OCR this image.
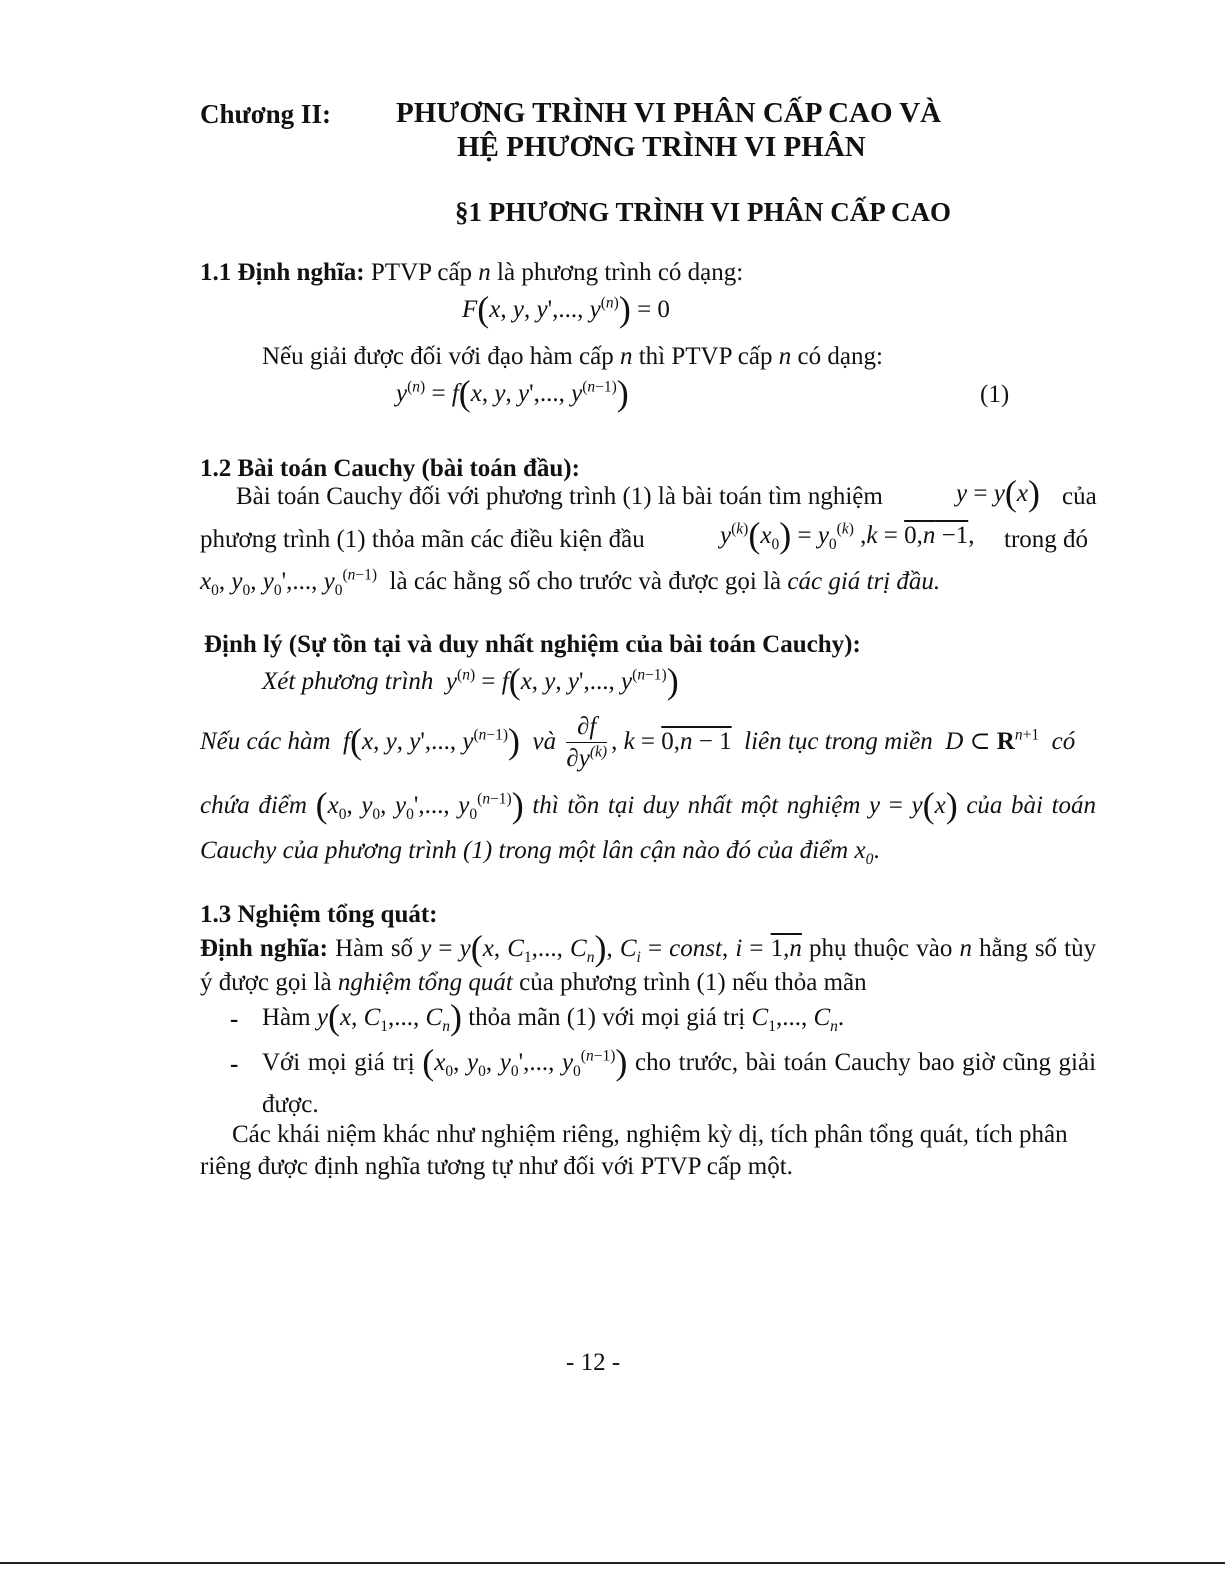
Chương II: PHƯƠNG TRÌNH VI PHÂN CẤP CAO VÀ
HỆ PHƯƠNG TRÌNH VI PHÂN
§1 PHƯƠNG TRÌNH VI PHÂN CẤP CAO
1.1 Định nghĩa: PTVP cấp n là phương trình có dạng:
F(x, y, y',..., $y^{(n)}) = 0$
Nếu giải được đối với đạo hàm cấp n thì PTVP cấp n có dạng:
$y^{(n)} = f(x$, y, y',..., $y^{(n-1)}$)	(1)
1.2 Bài toán Cauchy (bài toán đầu):
Bài toán Cauchy đối với phương trình (1) là bài toán tìm nghiệm	y = y(x) của
phương trình (1) thỏa mãn các điều kiện đầu	$y^{(k)}(x_0) = y_0^{(k)}$ ,k = 0,n −1, trong đó
$x_0$, $y_0$, $y_0'$,..., $y_0^{(n-1)}$ là các hằng số cho trước và được gọi là các giá trị đầu.
Định lý (Sự tồn tại và duy nhất nghiệm của bài toán Cauchy):
Xét phương trình $y^{(n)} = f(x$, y, y',..., $y^{(n-1)}$)
Nếu các hàm f(x, y, y',..., $y^{(n-1)}$) và $\frac{\partial f}{\partial y^{(k)}}$ , k = 0,n − 1 liên tục trong miền D ⊂ $R^{n+1}$ có
chứa điểm ($x_0$, $y_0$, $y_0'$,..., $y_0^{(n-1)}$) thì tồn tại duy nhất một nghiệm y = y(x) của bài toán
Cauchy của phương trình (1) trong một lân cận nào đó của điểm $x_0$.
1.3 Nghiệm tổng quát:
Định nghĩa: Hàm số y = y(x, $C_1$,..., $C_n$), $C_i$ = const, i = 1,n phụ thuộc vào n hằng số tùy
ý được gọi là nghiệm tổng quát của phương trình (1) nếu thỏa mãn
- Hàm y(x, $C_1$,..., $C_n$) thỏa mãn (1) với mọi giá trị $C_1$,..., $C_n$.
- Với mọi giá trị ($x_0$, $y_0$, $y_0'$,..., $y_0^{(n-1)}$) cho trước, bài toán Cauchy bao giờ cũng giải
được.
Các khái niệm khác như nghiệm riêng, nghiệm kỳ dị, tích phân tổng quát, tích phân
riêng được định nghĩa tương tự như đối với PTVP cấp một.
- 12 -
